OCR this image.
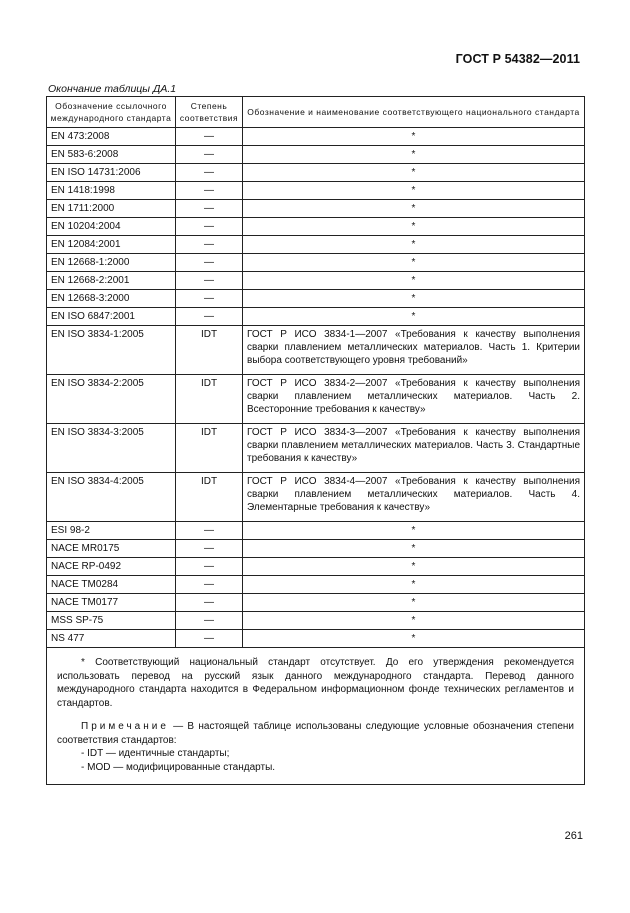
ГОСТ Р 54382—2011
Окончание таблицы ДА.1
Обозначение ссылочного международного стандарта	Степень соответствия	Обозначение и наименование соответствующего национального стандарта
EN 473:2008	—	*
EN 583-6:2008	—	*
EN ISO 14731:2006	—	*
EN 1418:1998	—	*
EN 1711:2000	—	*
EN 10204:2004	—	*
EN 12084:2001	—	*
EN 12668-1:2000	—	*
EN 12668-2:2001	—	*
EN 12668-3:2000	—	*
EN ISO 6847:2001	—	*
EN ISO 3834-1:2005	IDT	ГОСТ Р ИСО 3834-1—2007 «Требования к качеству выполнения сварки плавлением металлических материалов. Часть 1. Критерии выбора соответствующего уровня требований»
EN ISO 3834-2:2005	IDT	ГОСТ Р ИСО 3834-2—2007 «Требования к качеству выполнения сварки плавлением металлических материалов. Часть 2. Всесторонние требования к качеству»
EN ISO 3834-3:2005	IDT	ГОСТ Р ИСО 3834-3—2007 «Требования к качеству выполнения сварки плавлением металлических материалов. Часть 3. Стандартные требования к качеству»
EN ISO 3834-4:2005	IDT	ГОСТ Р ИСО 3834-4—2007 «Требования к качеству выполнения сварки плавлением металлических материалов. Часть 4. Элементарные требования к качеству»
ESI 98-2	—	*
NACE MR0175	—	*
NACE RP-0492	—	*
NACE TM0284	—	*
NACE TM0177	—	*
MSS SP-75	—	*
NS 477	—	*

* Соответствующий национальный стандарт отсутствует. До его утверждения рекомендуется использовать перевод на русский язык данного международного стандарта. Перевод данного международного стандарта находится в Федеральном информационном фонде технических регламентов и стандартов.

Примечание — В настоящей таблице использованы следующие условные обозначения степени соответствия стандартов:

- IDT — идентичные стандарты;

- MOD — модифицированные стандарты.		

261
